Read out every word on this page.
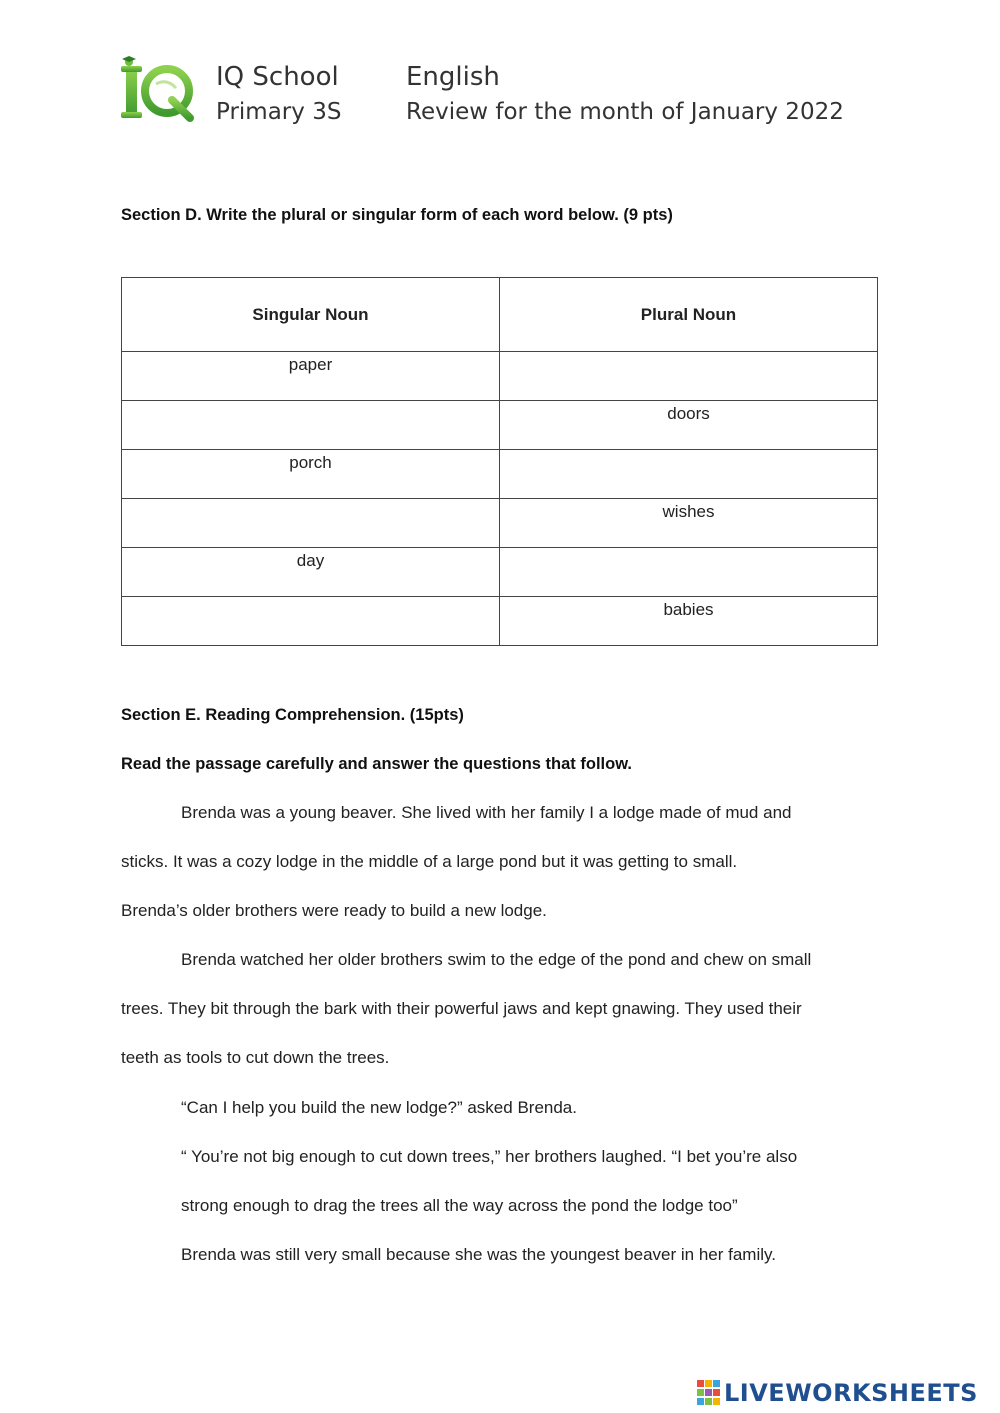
IQ School	English
Primary 3S	Review for the month of January 2022
Section D. Write the plural or singular form of each word below. (9 pts)
Singular Noun	Plural Noun
paper	
	doors
porch	
	wishes
day	
	babies
Section E. Reading Comprehension. (15pts)
Read the passage carefully and answer the questions that follow.
Brenda was a young beaver. She lived with her family I a lodge made of mud and
sticks. It was a cozy lodge in the middle of a large pond but it was getting to small.
Brenda’s older brothers were ready to build a new lodge.
Brenda watched her older brothers swim to the edge of the pond and chew on small
trees. They bit through the bark with their powerful jaws and kept gnawing. They used their
teeth as tools to cut down the trees.
“Can I help you build the new lodge?” asked Brenda.
“ You’re not big enough to cut down trees,” her brothers laughed. “I bet you’re also
strong enough to drag the trees all the way across the pond the lodge too”
Brenda was still very small because she was the youngest beaver in her family.
LIVEWORKSHEETS
